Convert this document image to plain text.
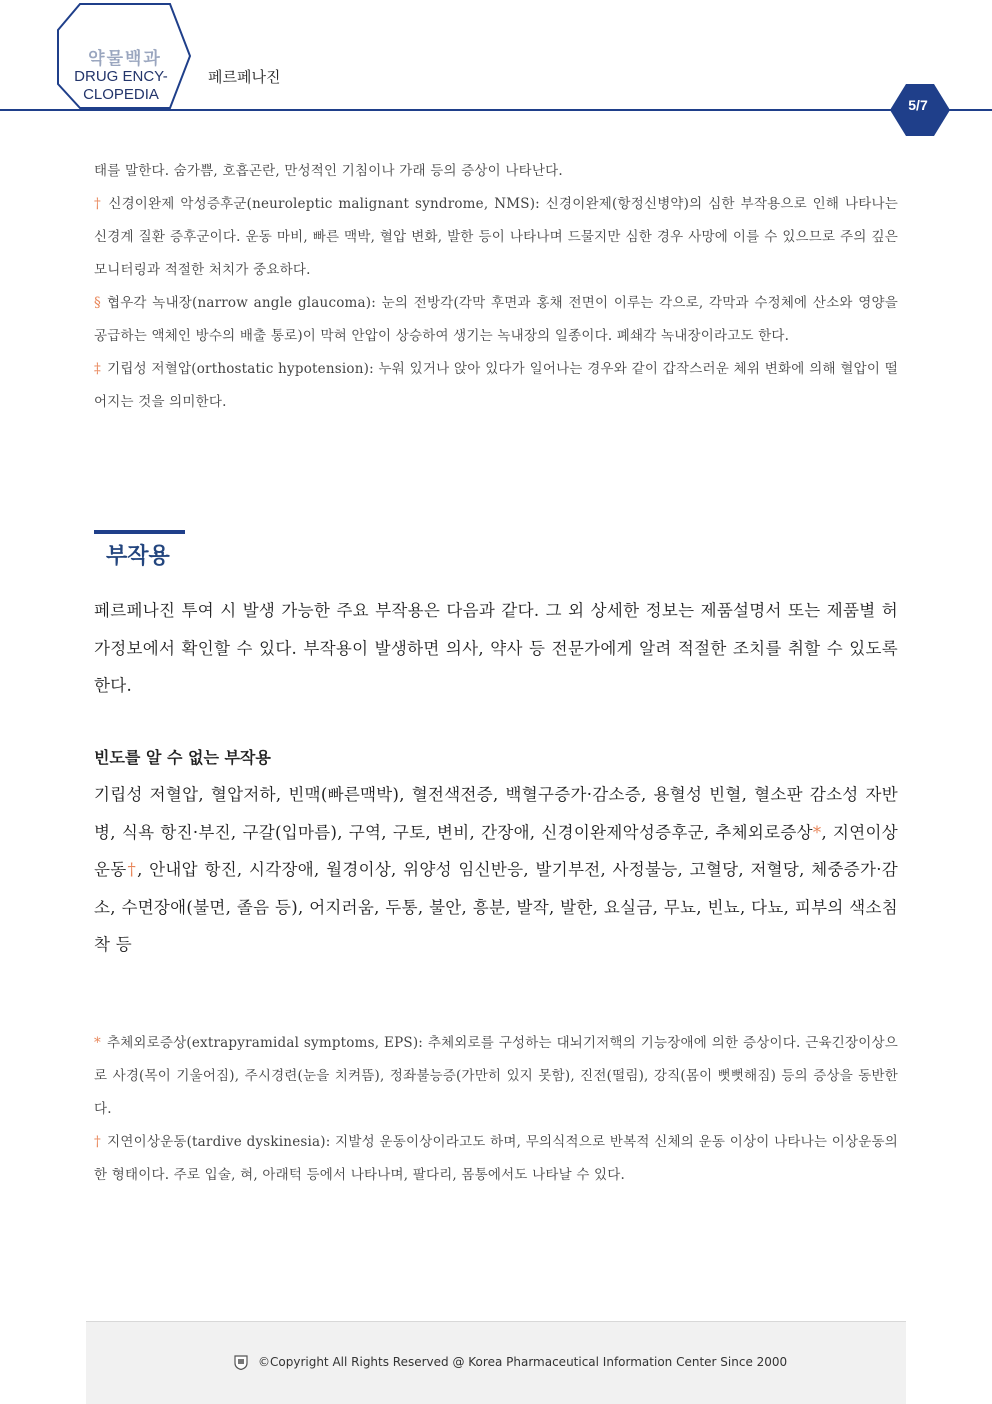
약물백과
DRUG ENCY-
CLOPEDIA
페르페나진
5/7

태를 말한다. 숨가쁨, 호흡곤란, 만성적인 기침이나 가래 등의 증상이 나타난다.

† 신경이완제 악성증후군(neuroleptic malignant syndrome, NMS): 신경이완제(항정신병약)의 심한 부작용으로 인해 나타나는 신경계 질환 증후군이다. 운동 마비, 빠른 맥박, 혈압 변화, 발한 등이 나타나며 드물지만 심한 경우 사망에 이를 수 있으므로 주의 깊은 모니터링과 적절한 처치가 중요하다.

§ 협우각 녹내장(narrow angle glaucoma): 눈의 전방각(각막 후면과 홍채 전면이 이루는 각으로, 각막과 수정체에 산소와 영양을 공급하는 액체인 방수의 배출 통로)이 막혀 안압이 상승하여 생기는 녹내장의 일종이다. 폐쇄각 녹내장이라고도 한다.

‡ 기립성 저혈압(orthostatic hypotension): 누워 있거나 앉아 있다가 일어나는 경우와 같이 갑작스러운 체위 변화에 의해 혈압이 떨어지는 것을 의미한다.

부작용

페르페나진 투여 시 발생 가능한 주요 부작용은 다음과 같다. 그 외 상세한 정보는 제품설명서 또는 제품별 허가정보에서 확인할 수 있다. 부작용이 발생하면 의사, 약사 등 전문가에게 알려 적절한 조치를 취할 수 있도록 한다.

빈도를 알 수 없는 부작용

기립성 저혈압, 혈압저하, 빈맥(빠른맥박), 혈전색전증, 백혈구증가·감소증, 용혈성 빈혈, 혈소판 감소성 자반병, 식욕 항진·부진, 구갈(입마름), 구역, 구토, 변비, 간장애, 신경이완제악성증후군, 추체외로증상*, 지연이상운동†, 안내압 항진, 시각장애, 월경이상, 위양성 임신반응, 발기부전, 사정불능, 고혈당, 저혈당, 체중증가·감소, 수면장애(불면, 졸음 등), 어지러움, 두통, 불안, 흥분, 발작, 발한, 요실금, 무뇨, 빈뇨, 다뇨, 피부의 색소침착 등

* 추체외로증상(extrapyramidal symptoms, EPS): 추체외로를 구성하는 대뇌기저핵의 기능장애에 의한 증상이다. 근육긴장이상으로 사경(목이 기울어짐), 주시경련(눈을 치켜뜸), 정좌불능증(가만히 있지 못함), 진전(떨림), 강직(몸이 뻣뻣해짐) 등의 증상을 동반한다.

† 지연이상운동(tardive dyskinesia): 지발성 운동이상이라고도 하며, 무의식적으로 반복적 신체의 운동 이상이 나타나는 이상운동의 한 형태이다. 주로 입술, 혀, 아래턱 등에서 나타나며, 팔다리, 몸통에서도 나타날 수 있다.

©Copyright All Rights Reserved @ Korea Pharmaceutical Information Center Since 2000
